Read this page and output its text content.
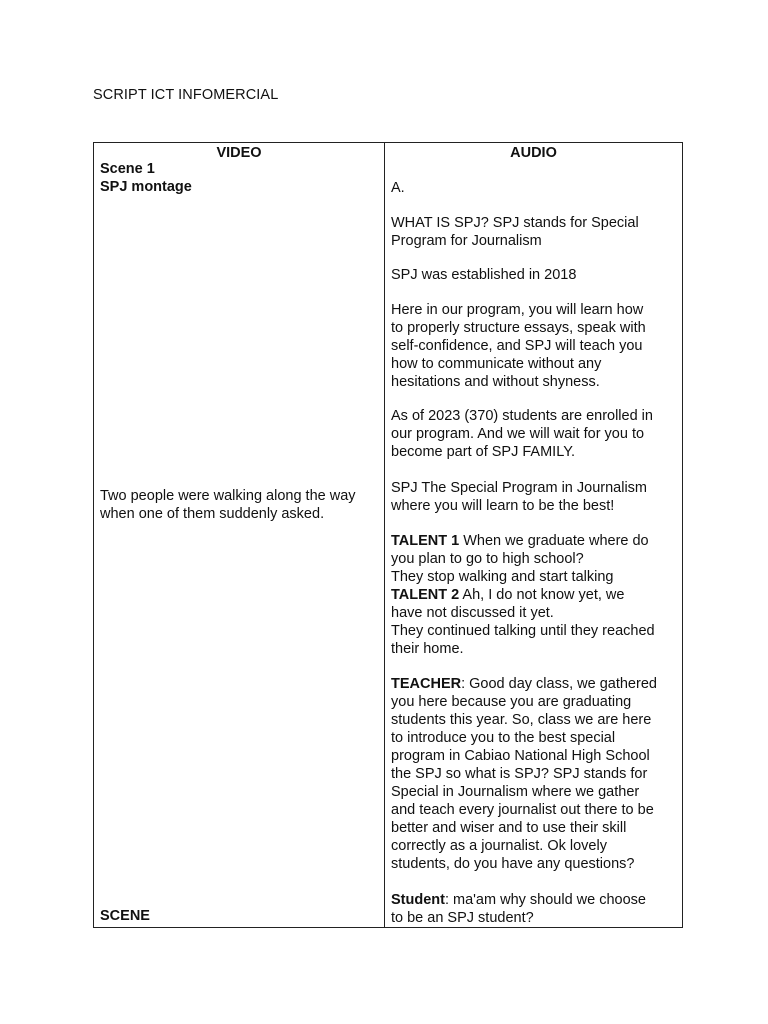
SCRIPT ICT INFOMERCIAL
VIDEO
Scene 1
SPJ montage
Two people were walking along the way
when one of them suddenly asked.
SCENE
AUDIO
A.
WHAT IS SPJ? SPJ stands for Special
Program for Journalism
SPJ was established in 2018
Here in our program, you will learn how
to properly structure essays, speak with
self-confidence, and SPJ will teach you
how to communicate without any
hesitations and without shyness.
As of 2023 (370) students are enrolled in
our program. And we will wait for you to
become part of SPJ FAMILY.
SPJ The Special Program in Journalism
where you will learn to be the best!
TALENT 1 When we graduate where do
you plan to go to high school?
They stop walking and start talking
TALENT 2 Ah, I do not know yet, we
have not discussed it yet.
They continued talking until they reached
their home.
TEACHER: Good day class, we gathered
you here because you are graduating
students this year. So, class we are here
to introduce you to the best special
program in Cabiao National High School
the SPJ so what is SPJ? SPJ stands for
Special in Journalism where we gather
and teach every journalist out there to be
better and wiser and to use their skill
correctly as a journalist. Ok lovely
students, do you have any questions?
Student: ma'am why should we choose
to be an SPJ student?
